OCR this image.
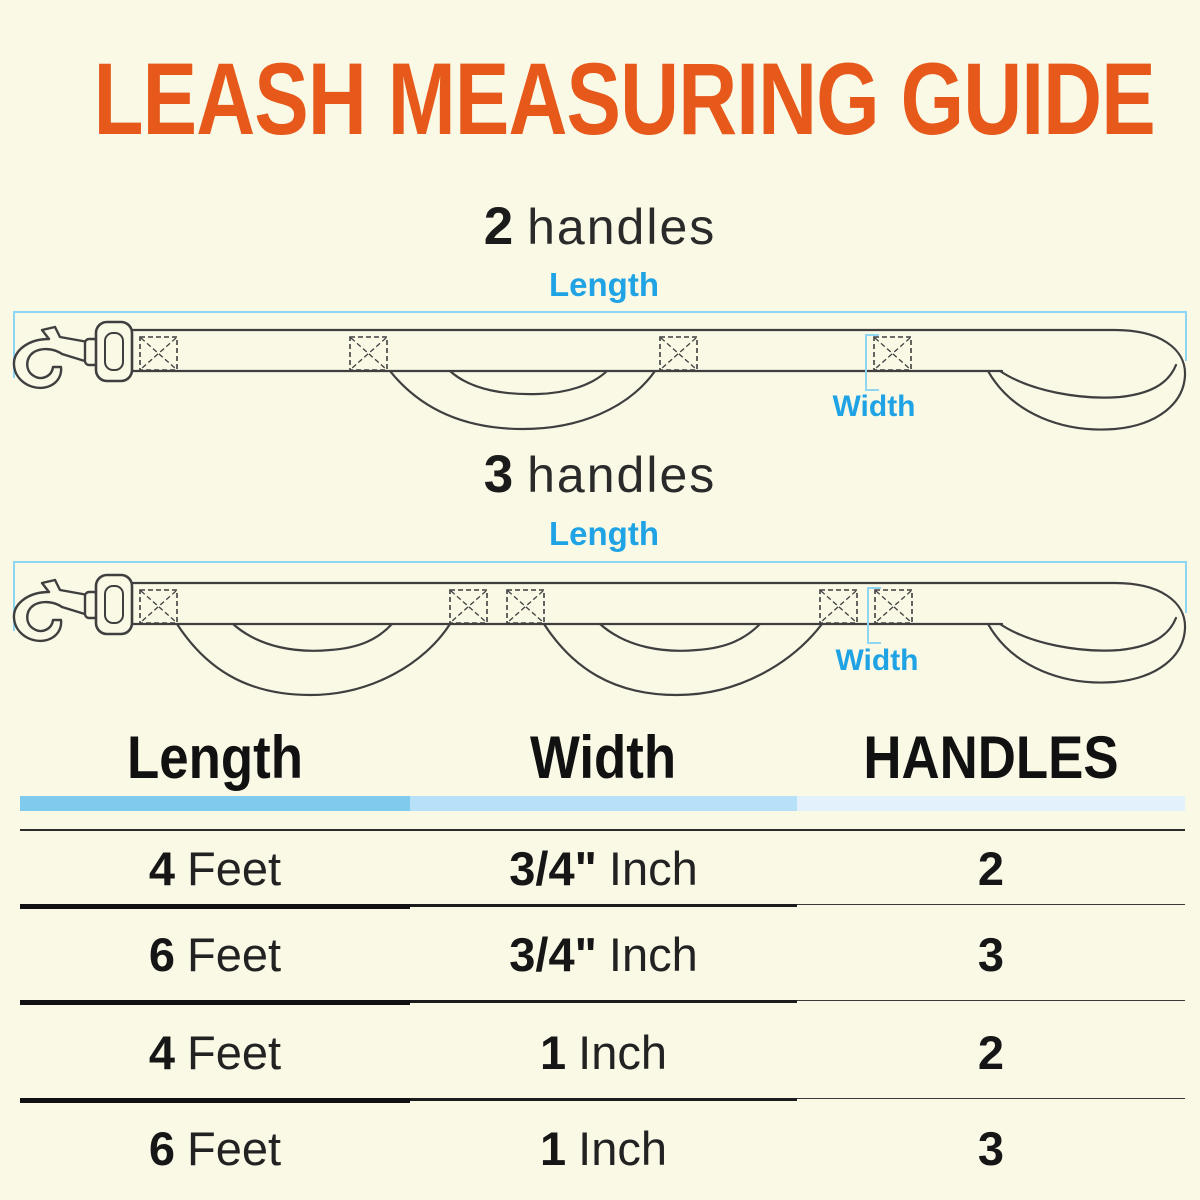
LEASH MEASURING GUIDE
2 handles
Length
Width
3 handles
Length
Width
Length	Width	HANDLES
4 Feet	3/4" Inch	2
6 Feet	3/4" Inch	3
4 Feet	1 Inch	2
6 Feet	1 Inch	3
